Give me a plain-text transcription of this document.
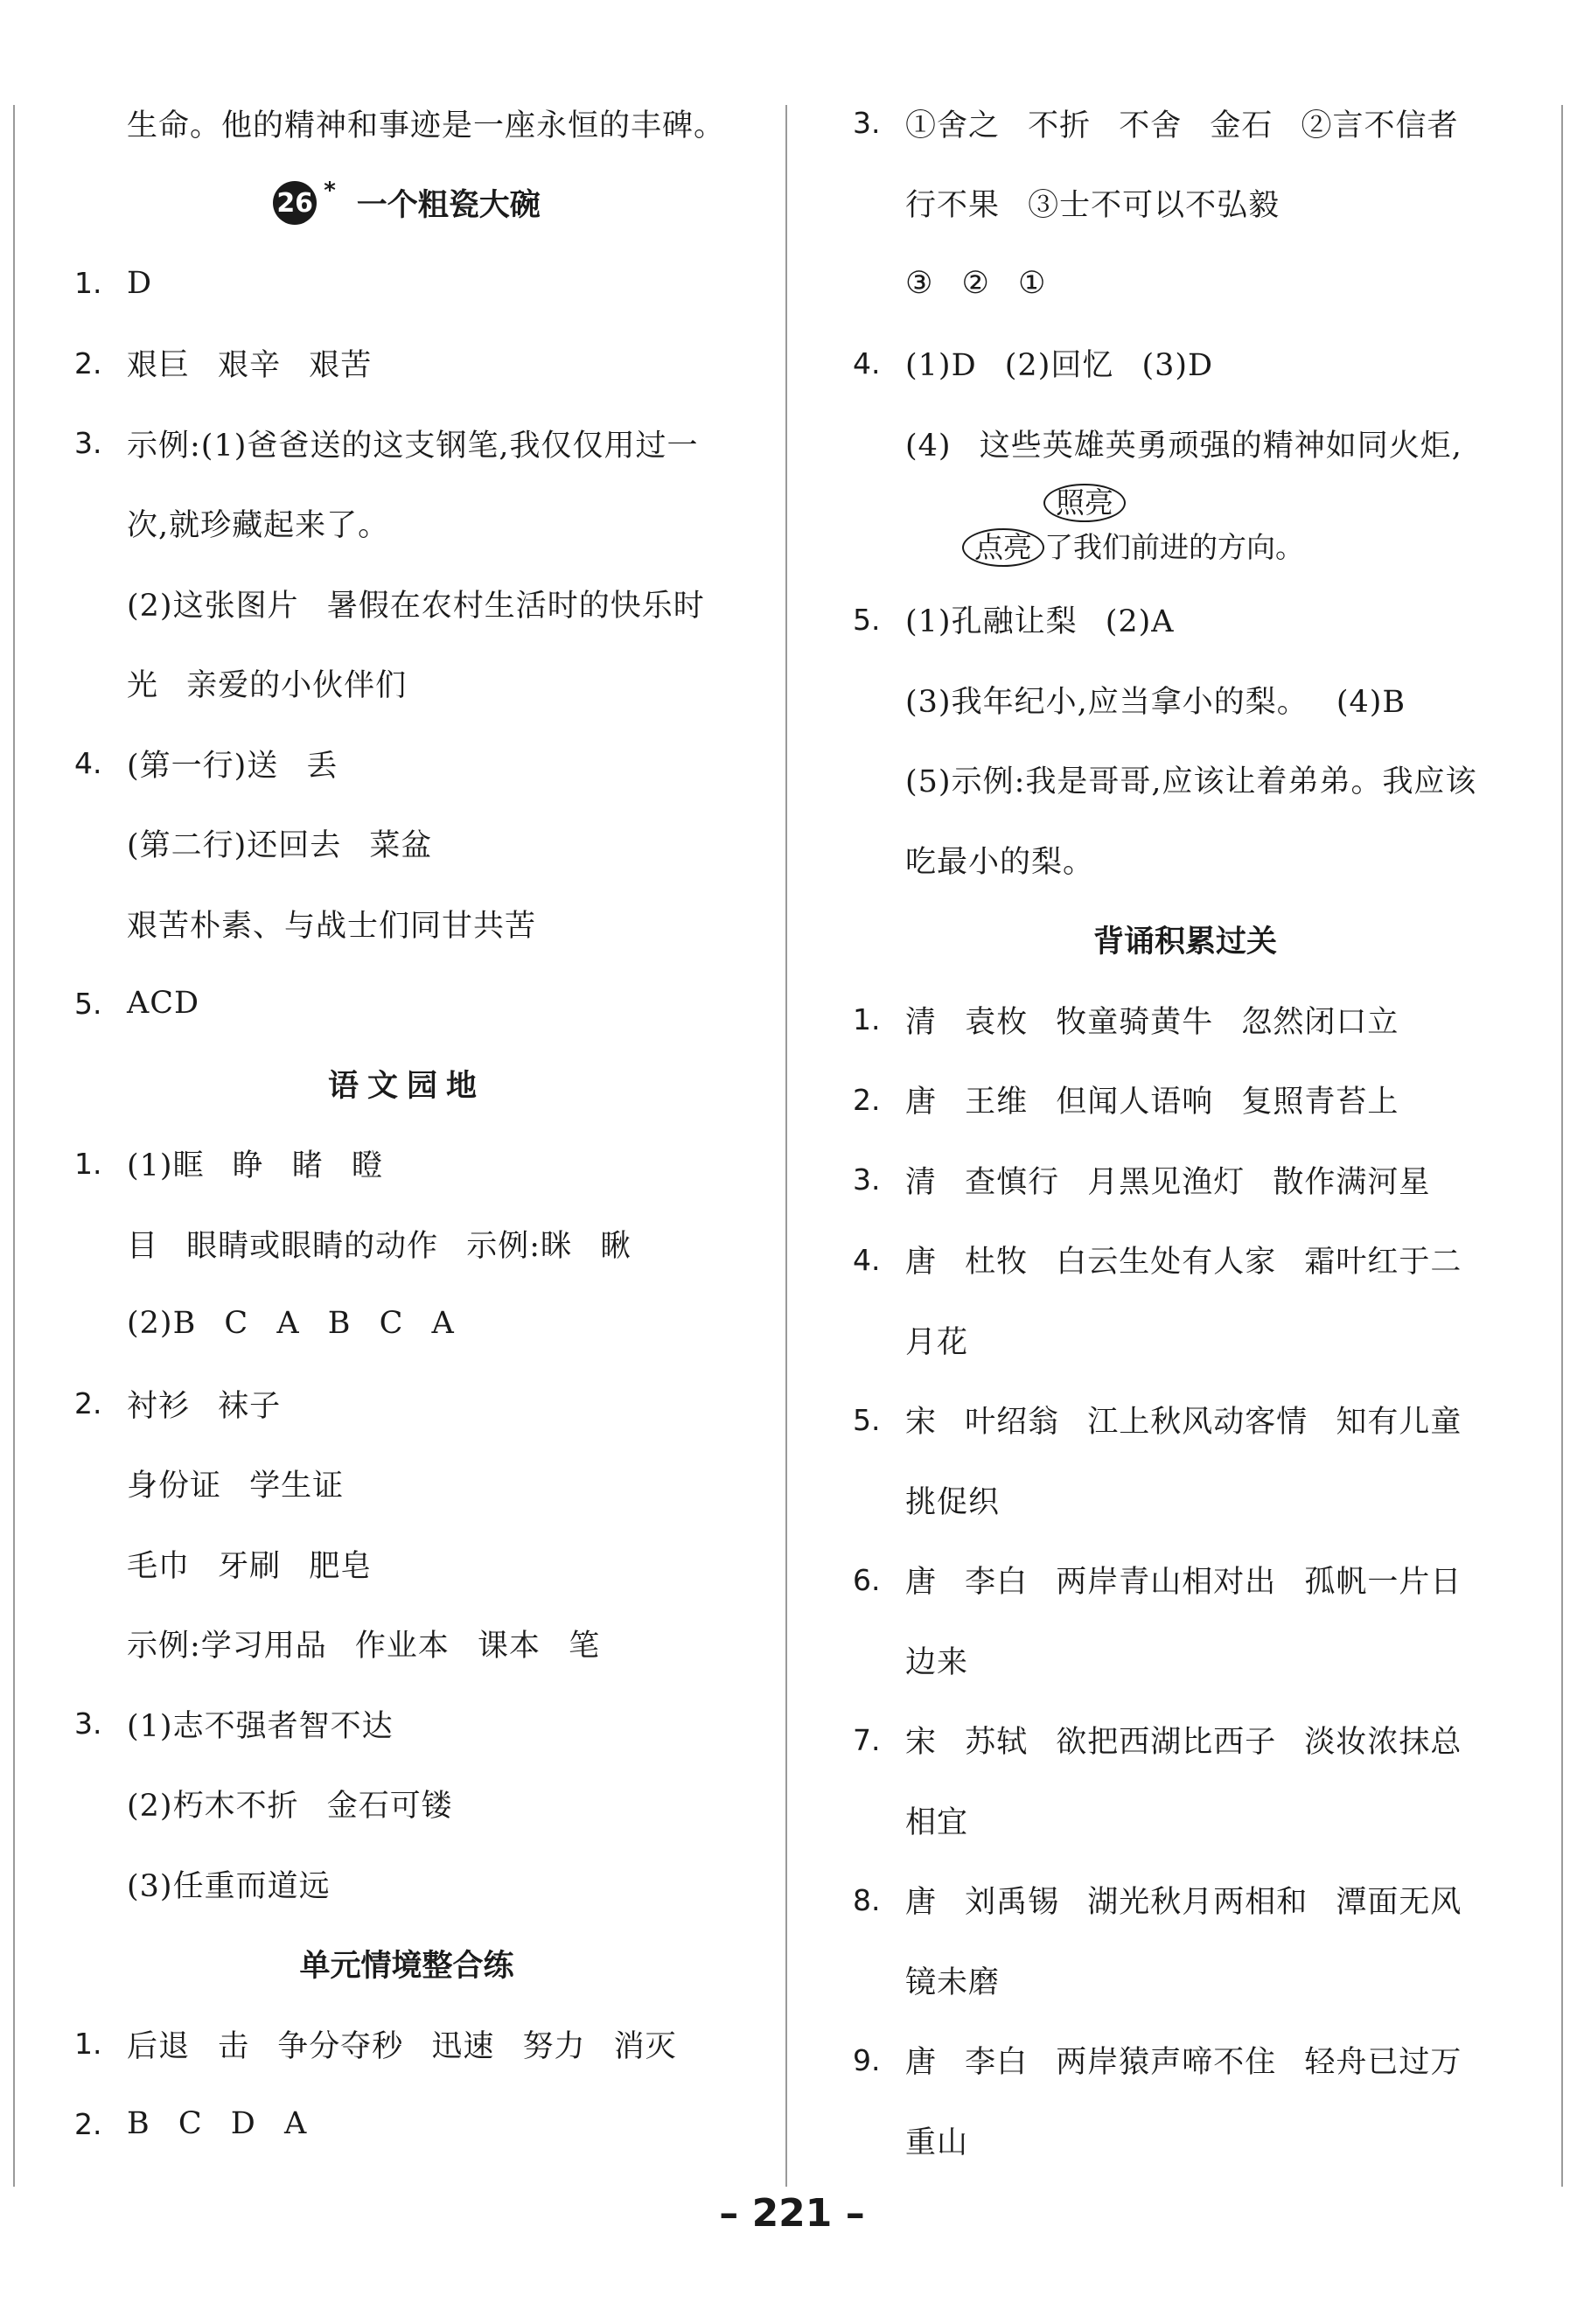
生命。他的精神和事迹是一座永恒的丰碑。
26 * 一个粗瓷大碗
1. D
2. 艰巨 艰辛 艰苦
3. 示例:(1)爸爸送的这支钢笔,我仅仅用过一
次,就珍藏起来了。
(2)这张图片 暑假在农村生活时的快乐时
光 亲爱的小伙伴们
4. (第一行)送 丢
(第二行)还回去 菜盆
艰苦朴素、与战士们同甘共苦
5. ACD
语文园地
1. (1)眶 睁 睹 瞪
目 眼睛或眼睛的动作 示例:眯 瞅
(2)B C A B C A
2. 衬衫 袜子
身份证 学生证
毛巾 牙刷 肥皂
示例:学习用品 作业本 课本 笔
3. (1)志不强者智不达
(2)朽木不折 金石可镂
(3)任重而道远
单元情境整合练
1. 后退 击 争分夺秒 迅速 努力 消灭
2. B C D A
3. ①舍之 不折 不舍 金石 ②言不信者
行不果 ③士不可以不弘毅
③ ② ①
4. (1)D (2)回忆 (3)D
(4) 这些英雄英勇顽强的精神如同火炬,
照亮
点亮 了我们前进的方向。
5. (1)孔融让梨 (2)A
(3)我年纪小,应当拿小的梨。 (4)B
(5)示例:我是哥哥,应该让着弟弟。我应该
吃最小的梨。
背诵积累过关
1. 清 袁枚 牧童骑黄牛 忽然闭口立
2. 唐 王维 但闻人语响 复照青苔上
3. 清 查慎行 月黑见渔灯 散作满河星
4. 唐 杜牧 白云生处有人家 霜叶红于二
月花
5. 宋 叶绍翁 江上秋风动客情 知有儿童
挑促织
6. 唐 李白 两岸青山相对出 孤帆一片日
边来
7. 宋 苏轼 欲把西湖比西子 淡妆浓抹总
相宜
8. 唐 刘禹锡 湖光秋月两相和 潭面无风
镜未磨
9. 唐 李白 两岸猿声啼不住 轻舟已过万
重山
– 221 –
